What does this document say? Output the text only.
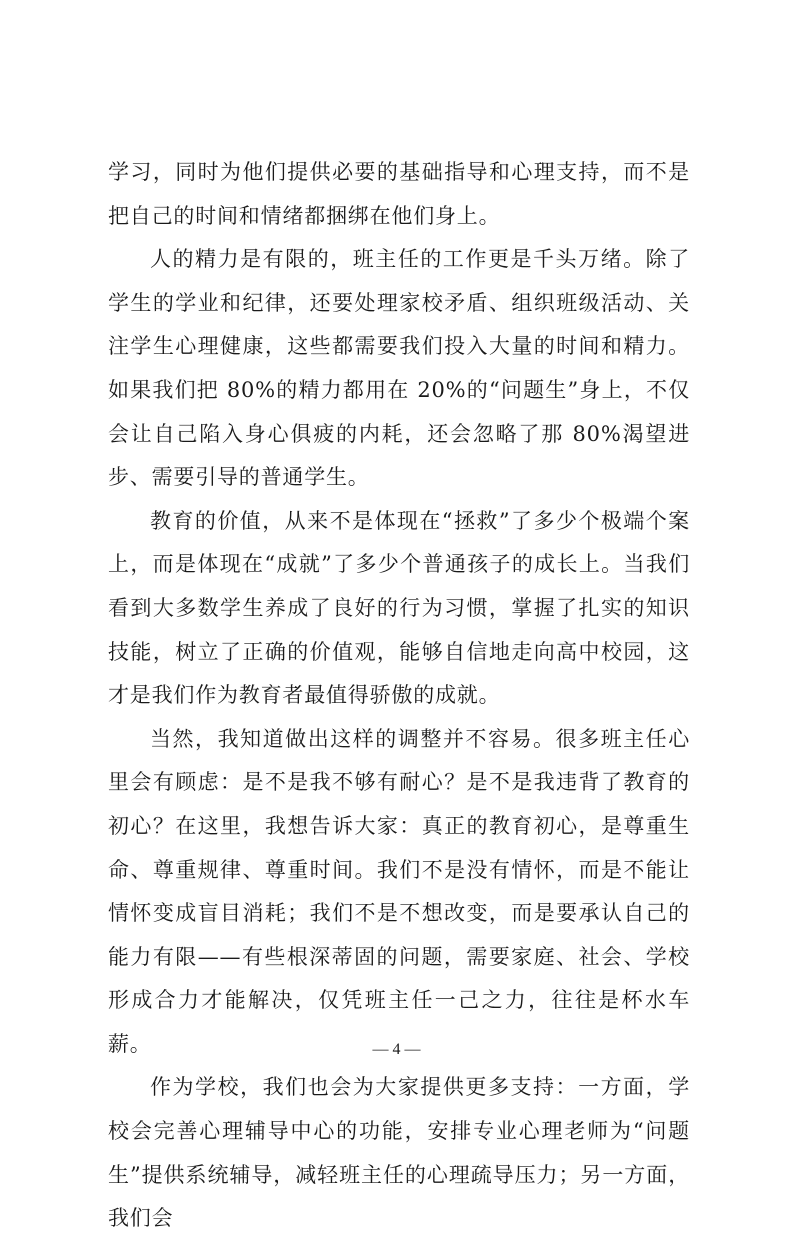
学习，同时为他们提供必要的基础指导和心理支持，而不是把自己的时间和情绪都捆绑在他们身上。

人的精力是有限的，班主任的工作更是千头万绪。除了学生的学业和纪律，还要处理家校矛盾、组织班级活动、关注学生心理健康，这些都需要我们投入大量的时间和精力。如果我们把 80%的精力都用在 20%的“问题生”身上，不仅会让自己陷入身心俱疲的内耗，还会忽略了那 80%渴望进步、需要引导的普通学生。

教育的价值，从来不是体现在“拯救”了多少个极端个案上，而是体现在“成就”了多少个普通孩子的成长上。当我们看到大多数学生养成了良好的行为习惯，掌握了扎实的知识技能，树立了正确的价值观，能够自信地走向高中校园，这才是我们作为教育者最值得骄傲的成就。

当然，我知道做出这样的调整并不容易。很多班主任心里会有顾虑：是不是我不够有耐心？是不是我违背了教育的初心？在这里，我想告诉大家：真正的教育初心，是尊重生命、尊重规律、尊重时间。我们不是没有情怀，而是不能让情怀变成盲目消耗；我们不是不想改变，而是要承认自己的能力有限——有些根深蒂固的问题，需要家庭、社会、学校形成合力才能解决，仅凭班主任一己之力，往往是杯水车薪。

作为学校，我们也会为大家提供更多支持：一方面，学校会完善心理辅导中心的功能，安排专业心理老师为“问题生”提供系统辅导，减轻班主任的心理疏导压力；另一方面，我们会

— 4 —
